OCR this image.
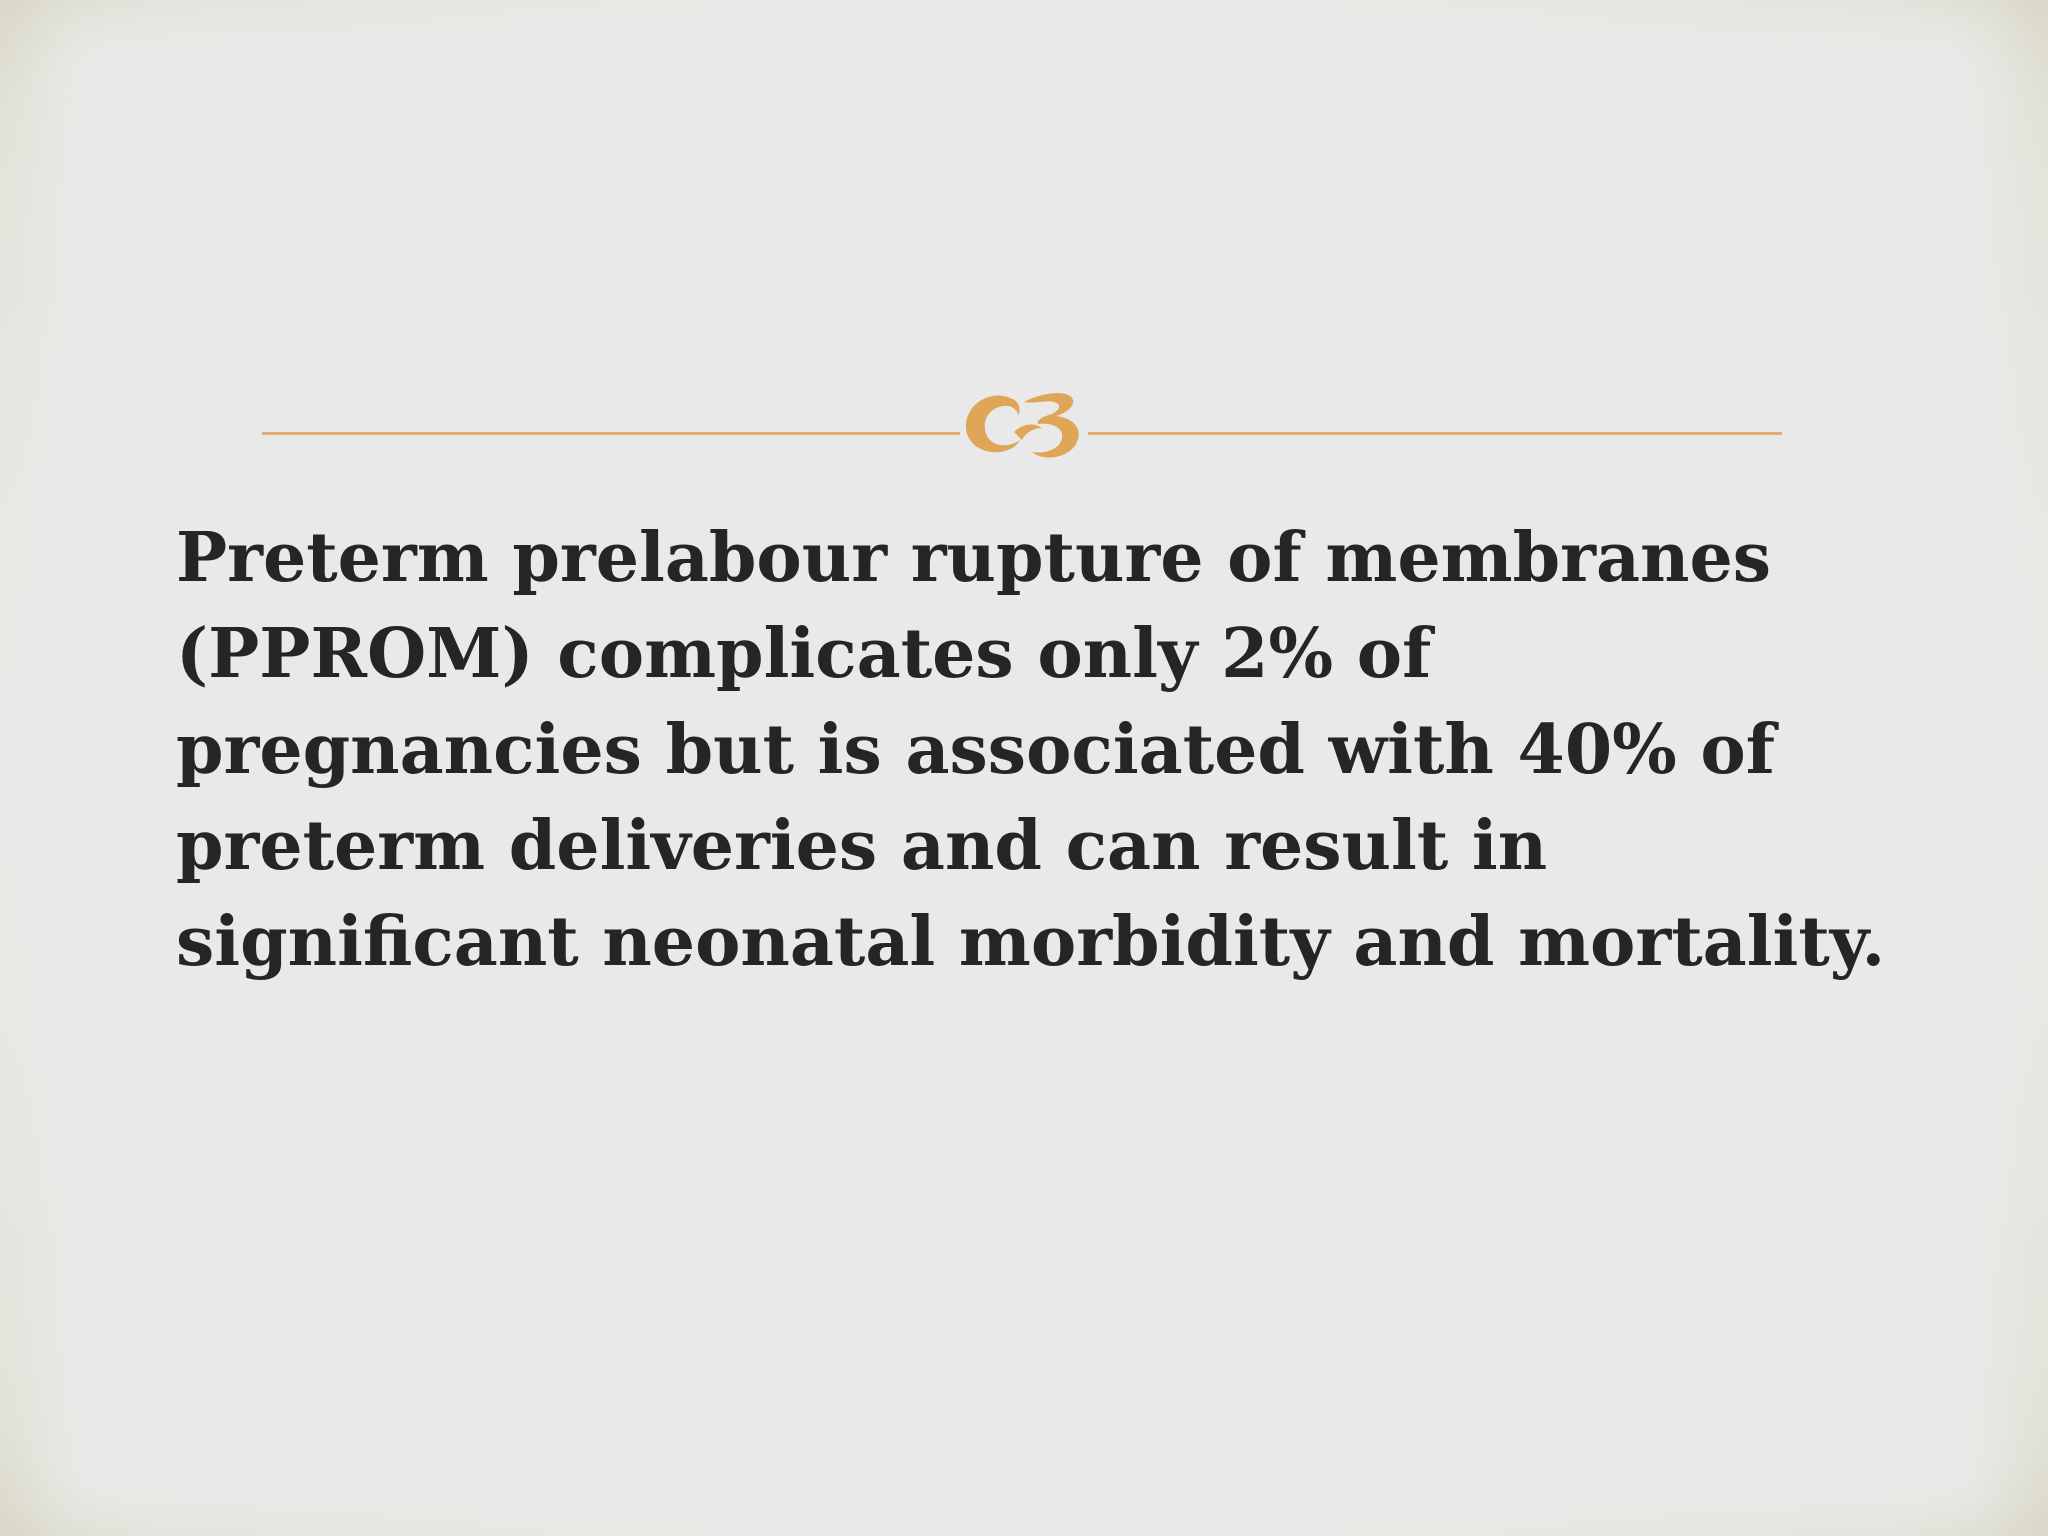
Preterm prelabour rupture of membranes (PPROM) complicates only 2% of pregnancies but is associated with 40% of preterm deliveries and can result in significant neonatal morbidity and mortality.
